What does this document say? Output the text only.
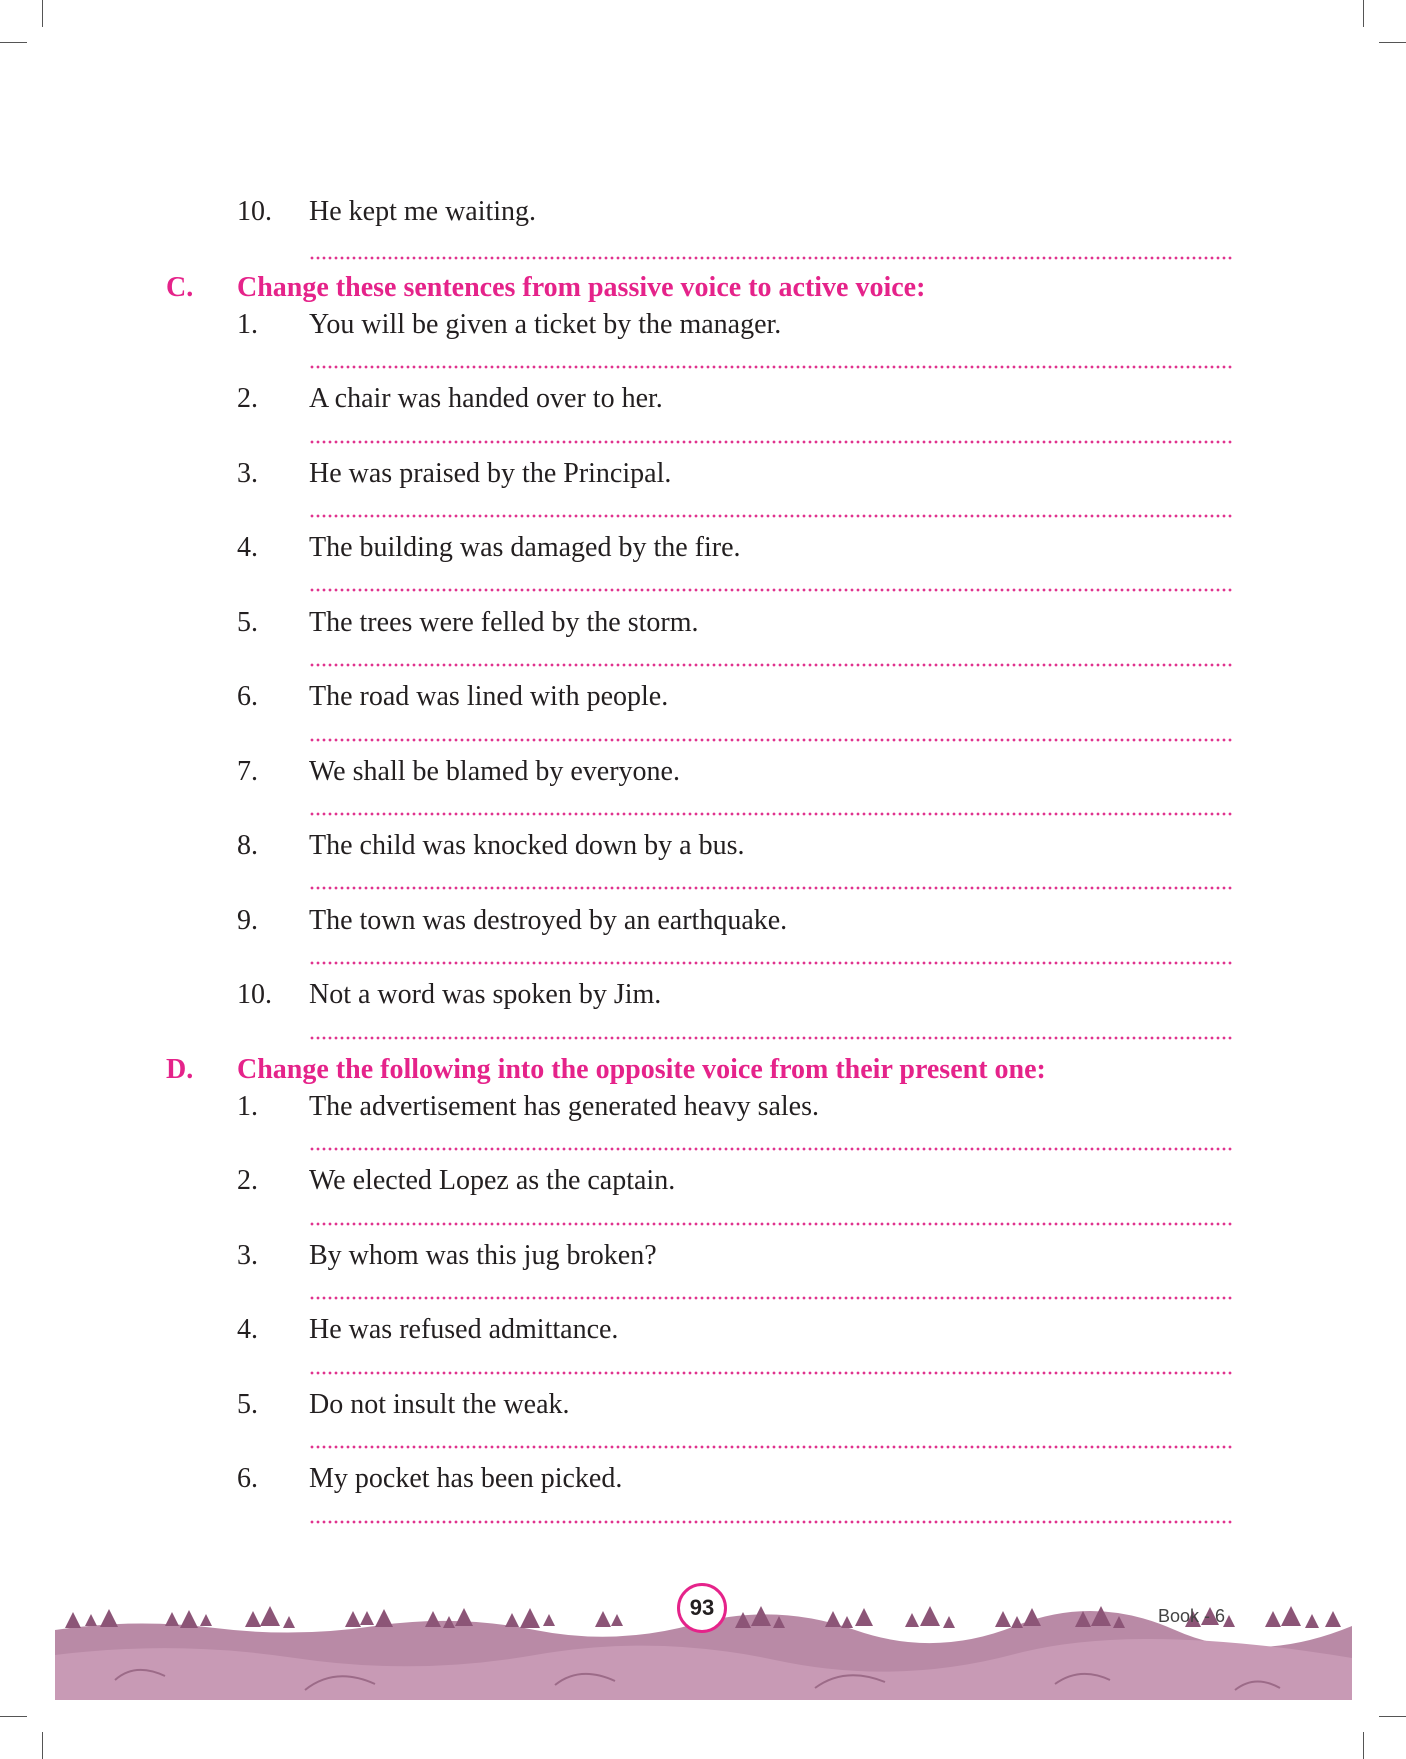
10. He kept me waiting.
C. Change these sentences from passive voice to active voice:
1. You will be given a ticket by the manager.
2. A chair was handed over to her.
3. He was praised by the Principal.
4. The building was damaged by the fire.
5. The trees were felled by the storm.
6. The road was lined with people.
7. We shall be blamed by everyone.
8. The child was knocked down by a bus.
9. The town was destroyed by an earthquake.
10. Not a word was spoken by Jim.
D. Change the following into the opposite voice from their present one:
1. The advertisement has generated heavy sales.
2. We elected Lopez as the captain.
3. By whom was this jug broken?
4. He was refused admittance.
5. Do not insult the weak.
6. My pocket has been picked.
93	Book - 6
